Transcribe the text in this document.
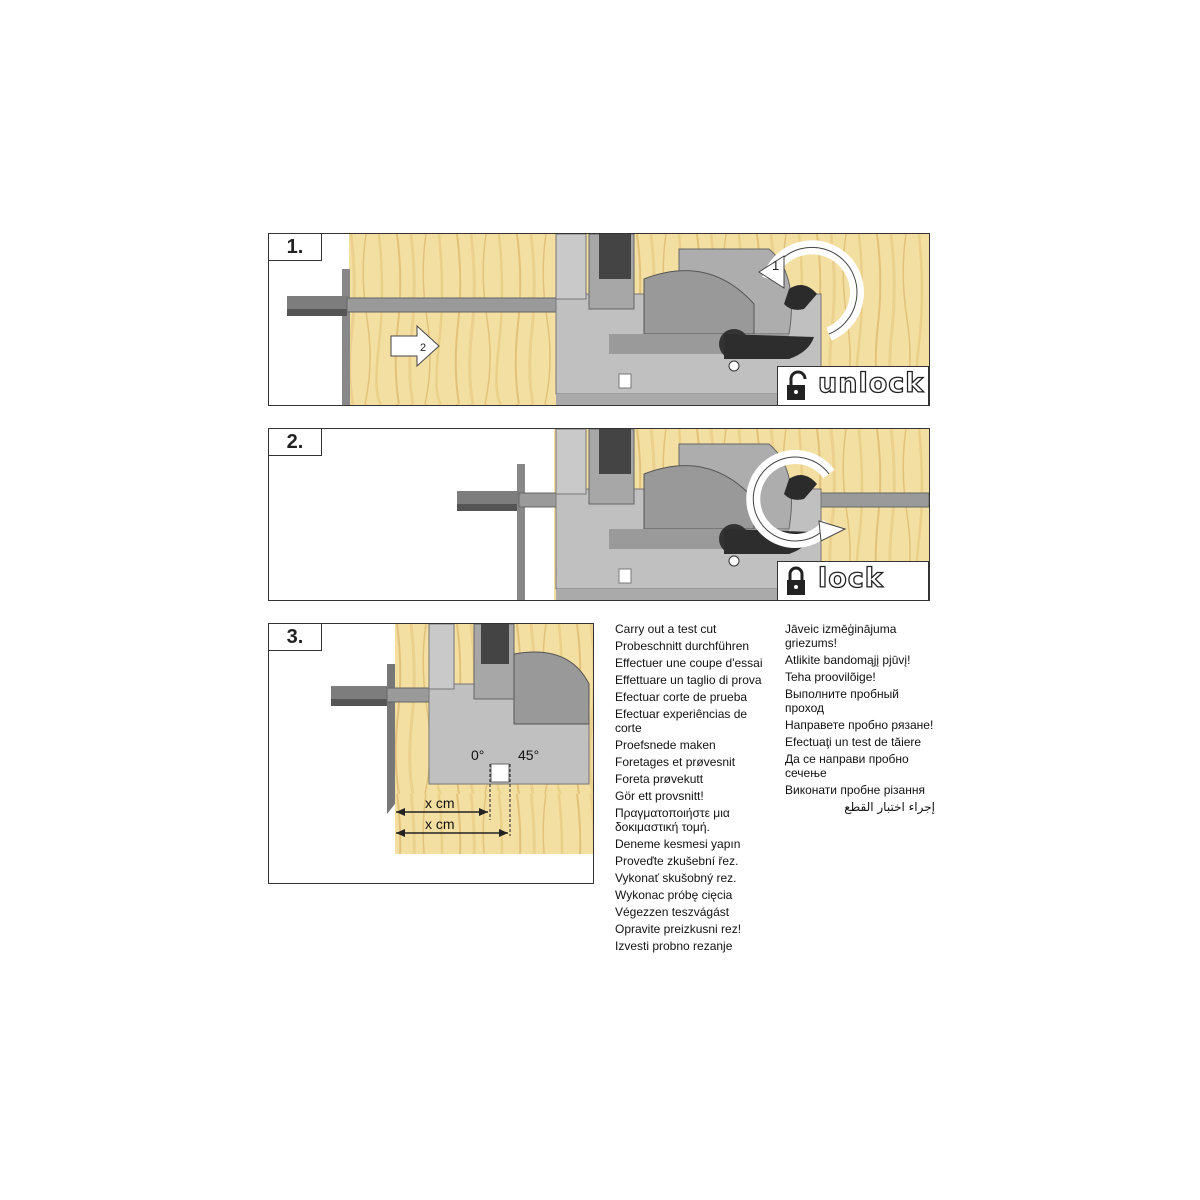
1.
1
2
unlock
2.
lock
3.
0° 45°
x cm
x cm
Carry out a test cut
Probeschnitt durchführen
Effectuer une coupe d'essai
Effettuare un taglio di prova
Efectuar corte de prueba
Efectuar experiências de corte
Proefsnede maken
Foretages et prøvesnit
Foreta prøvekutt
Gör ett provsnitt!
Πραγματοποιήστε μια δοκιμαστική τομή.
Deneme kesmesi yapın
Proveďte zkušební řez.
Vykonať skušobný rez.
Wykonac próbę cięcia
Végezzen teszvágást
Opravite preizkusni rez!
Izvesti probno rezanje
Jāveic izmēģinājuma griezums!
Atlikite bandomąjį pjūvį!
Teha proovilõige!
Выполните пробный проход
Направете пробно рязане!
Efectuaţi un test de tăiere
Да се направи пробно сечење
Виконати пробне різання
إجراء اختبار القطع
